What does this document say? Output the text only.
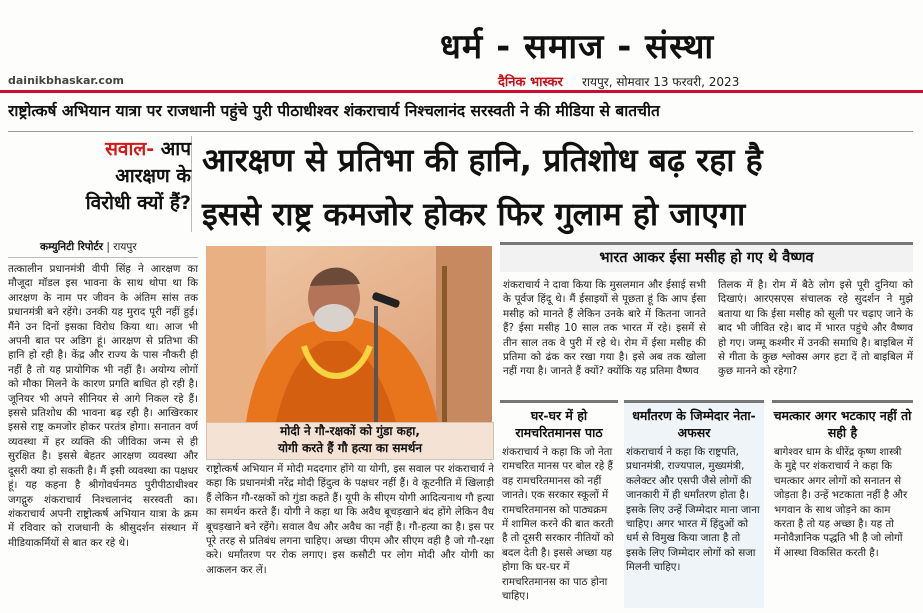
धर्म - समाज - संस्था
dainikbhaskar.com	दैनिक भास्कर रायपुर, सोमवार 13 फरवरी, 2023
राष्ट्रोत्कर्ष अभियान यात्रा पर राजधानी पहुंचे पुरी पीठाधीश्वर शंकराचार्य निश्चलानंद सरस्वती ने की मीडिया से बातचीत
सवाल- आप
आरक्षण के
विरोधी क्यों हैं?
कम्युनिटी रिपोर्टर | रायपुर
आरक्षण से प्रतिभा की हानि, प्रतिशोध बढ़ रहा है
इससे राष्ट्र कमजोर होकर फिर गुलाम हो जाएगा
तत्कालीन प्रधानमंत्री वीपी सिंह ने आरक्षण का मौजूदा मॉडल इस भावना के साथ थोपा था कि आरक्षण के नाम पर जीवन के अंतिम सांस तक प्रधानमंत्री बने रहेंगे। उनकी यह मुराद पूरी नहीं हुई। मैंने उन दिनों इसका विरोध किया था। आज भी अपनी बात पर अडिग हूं। आरक्षण से प्रतिभा की हानि हो रही है। केंद्र और राज्य के पास नौकरी ही नहीं है तो यह प्रायोगिक भी नहीं है। अयोग्य लोगों को मौका मिलने के कारण प्रगति बाधित हो रही है। जूनियर भी अपने सीनियर से आगे निकल रहे हैं। इससे प्रतिशोध की भावना बढ़ रही है। आखिरकार इससे राष्ट्र कमजोर होकर परतंत्र होगा। सनातन वर्ण व्यवस्था में हर व्यक्ति की जीविका जन्म से ही सुरक्षित है। इससे बेहतर आरक्षण व्यवस्था और दूसरी क्या हो सकती है। मैं इसी व्यवस्था का पक्षधर हूं। यह कहना है श्रीगोवर्धनमठ पुरीपीठाधीश्वर जगद्गुरु शंकराचार्य निश्चलानंद सरस्वती का। शंकराचार्य अपनी राष्ट्रोत्कर्ष अभियान यात्रा के क्रम में रविवार को राजधानी के श्रीसुदर्शन संस्थान में मीडियाकर्मियों से बात कर रहे थे।
मोदी ने गौ-रक्षकों को गुंडा कहा,
योगी करते हैं गौ हत्या का समर्थन
राष्ट्रोत्कर्ष अभियान में मोदी मददगार होंगे या योगी, इस सवाल पर शंकराचार्य ने कहा कि प्रधानमंत्री नरेंद्र मोदी हिंदुत्व के पक्षधर नहीं हैं। वे कूटनीति में खिलाड़ी हैं लेकिन गौ-रक्षकों को गुंडा कहते हैं। यूपी के सीएम योगी आदित्यनाथ गौ हत्या का समर्थन करते हैं। योगी ने कहा था कि अवैध बूचड़खाने बंद होंगे लेकिन वैध बूचड़खाने बने रहेंगे। सवाल वैध और अवैध का नहीं है। गौ-हत्या का है। इस पर पूरे तरह से प्रतिबंध लगना चाहिए। अच्छा पीएम और सीएम वही है जो गौ-रक्षा करे। धर्मांतरण पर रोक लगाए। इस कसौटी पर लोग मोदी और योगी का आकलन कर लें।
भारत आकर ईसा मसीह हो गए थे वैष्णव
शंकराचार्य ने दावा किया कि मुसलमान और ईसाई सभी के पूर्वज हिंदू थे। मैं ईसाइयों से पूछता हूं कि आप ईसा मसीह को मानते हैं लेकिन उनके बारे में कितना जानते हैं? ईसा मसीह 10 साल तक भारत में रहे। इसमें से तीन साल तक वे पुरी में रहे थे। रोम में ईसा मसीह की प्रतिमा को ढंक कर रखा गया है। इसे अब तक खोला नहीं गया है। जानते हैं क्यों? क्योंकि यह प्रतिमा वैष्णव
तिलक में है। रोम में बैठे लोग इसे पूरी दुनिया को दिखाएं। आरएसएस संचालक रहे सुदर्शन ने मुझे बताया था कि ईसा मसीह को सूली पर चढ़ाए जाने के बाद भी जीवित रहे। बाद में भारत पहुंचे और वैष्णव हो गए। जम्मू कश्मीर में उनकी समाधि है। बाइबिल में से गीता के कुछ श्लोक्स अगर हटा दें तो बाइबिल में कुछ मानने को रहेगा?
घर-घर में हो रामचरितमानस पाठ
शंकराचार्य ने कहा कि जो नेता रामचरित मानस पर बोल रहे हैं वह रामचरितमानस को नहीं जानते। एक सरकार स्कूलों में रामचरितमानस को पाठ्यक्रम में शामिल करने की बात करती है तो दूसरी सरकार नीतियों को बदल देती है। इससे अच्छा यह होगा कि घर-घर में रामचरितमानस का पाठ होना चाहिए।
धर्मांतरण के जिम्मेदार नेता-अफसर
शंकराचार्य ने कहा कि राष्ट्रपति, प्रधानमंत्री, राज्यपाल, मुख्यमंत्री, कलेक्टर और एसपी जैसे लोगों की जानकारी में ही धर्मांतरण होता है। इसके लिए उन्हें जिम्मेदार माना जाना चाहिए। अगर भारत में हिंदुओं को धर्म से विमुख किया जाता है तो इसके लिए जिम्मेदार लोगों को सजा मिलनी चाहिए।
चमत्कार अगर भटकाए नहीं तो सही है
बागेश्वर धाम के धीरेंद्र कृष्ण शास्त्री के मुद्दे पर शंकराचार्य ने कहा कि चमत्कार अगर लोगों को सनातन से जोड़ता है। उन्हें भटकाता नहीं है और भगवान के साथ जोड़ने का काम करता है तो यह अच्छा है। यह तो मनोवैज्ञानिक पद्धति भी है जो लोगों में आस्था विकसित करती है।
